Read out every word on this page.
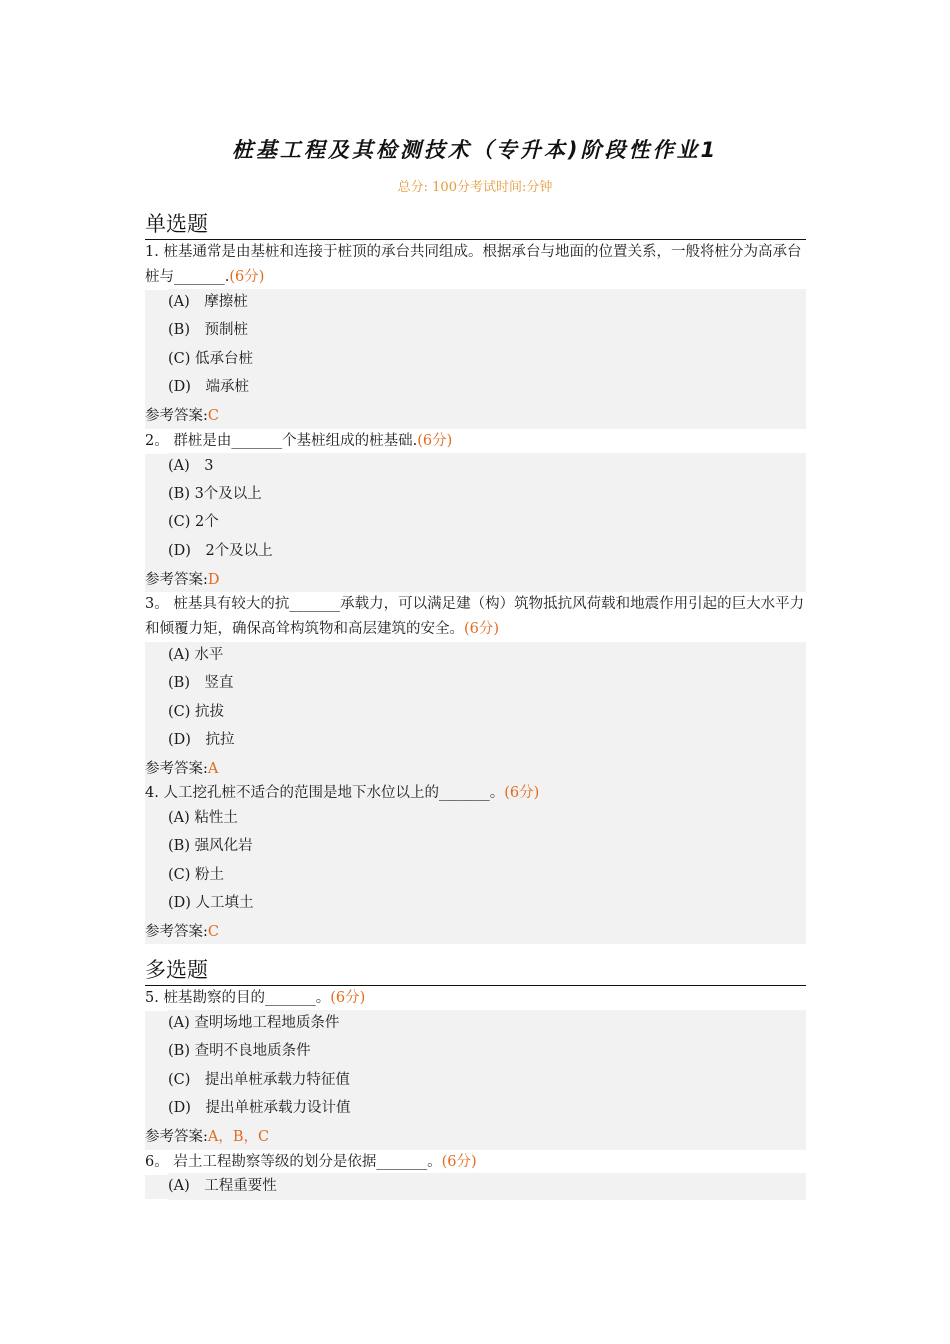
桩基工程及其检测技术（专升本)阶段性作业1
总分: 100分考试时间:分钟
单选题
1. 桩基通常是由基桩和连接于桩顶的承台共同组成。根据承台与地面的位置关系，一般将桩分为高承台桩与_______.(6分)
(A)　摩擦桩
(B)　预制桩
(C) 低承台桩
(D)　端承桩
参考答案:C
2。 群桩是由_______个基桩组成的桩基础.(6分)
(A)　3
(B) 3个及以上
(C) 2个
(D)　2个及以上
参考答案:D
3。 桩基具有较大的抗_______承载力，可以满足建（构）筑物抵抗风荷载和地震作用引起的巨大水平力和倾覆力矩，确保高耸构筑物和高层建筑的安全。(6分)
(A) 水平
(B)　竖直
(C) 抗拔
(D)　抗拉
参考答案:A
4. 人工挖孔桩不适合的范围是地下水位以上的_______。(6分)
(A) 粘性土
(B) 强风化岩
(C) 粉土
(D) 人工填土
参考答案:C
多选题
5. 桩基勘察的目的_______。(6分)
(A) 查明场地工程地质条件
(B) 查明不良地质条件
(C)　提出单桩承载力特征值
(D)　提出单桩承载力设计值
参考答案:A，B，C
6。 岩土工程勘察等级的划分是依据_______。(6分)
(A)　工程重要性
